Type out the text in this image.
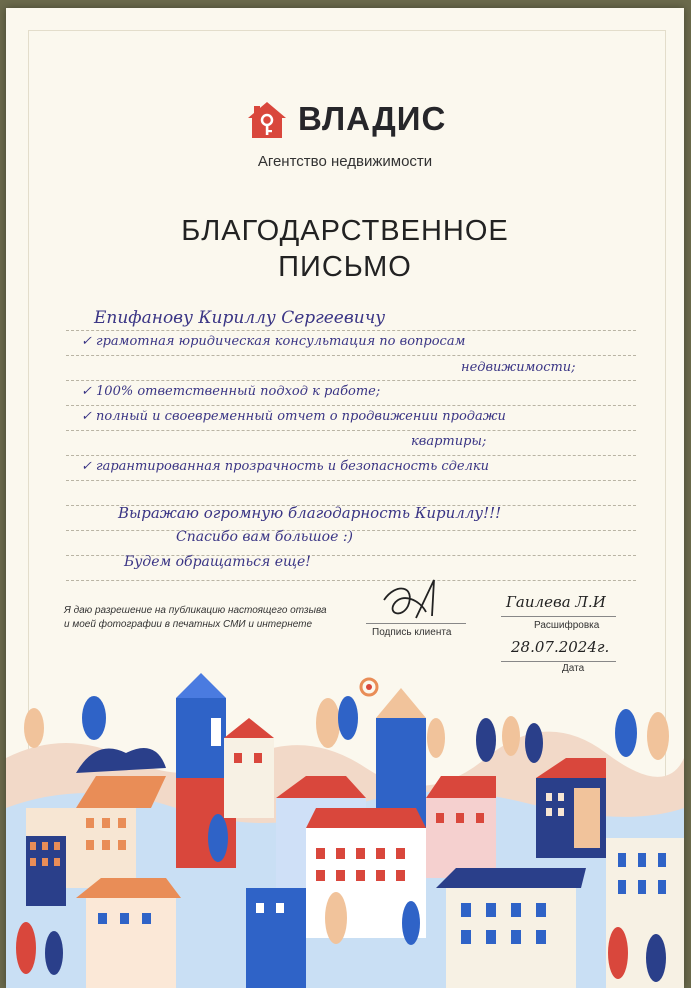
ВЛАДИС
Агентство недвижимости
БЛАГОДАРСТВЕННОЕ
ПИСЬМО
Епифанову Кириллу Сергеевичу
✓ грамотная юридическая консультация по вопросам
недвижимости;
✓ 100% ответственный подход к работе;
✓ полный и своевременный отчет о продвижении продажи
квартиры;
✓ гарантированная прозрачность и безопасность сделки
Выражаю огромную благодарность Кириллу!!!
Спасибо вам большое :)
Будем обращаться еще!
Я даю разрешение на публикацию настоящего отзыва
и моей фотографии в печатных СМИ и интернете
Подпись клиента
Гаилева Л.И
Расшифровка
28.07.2024г.
Дата
